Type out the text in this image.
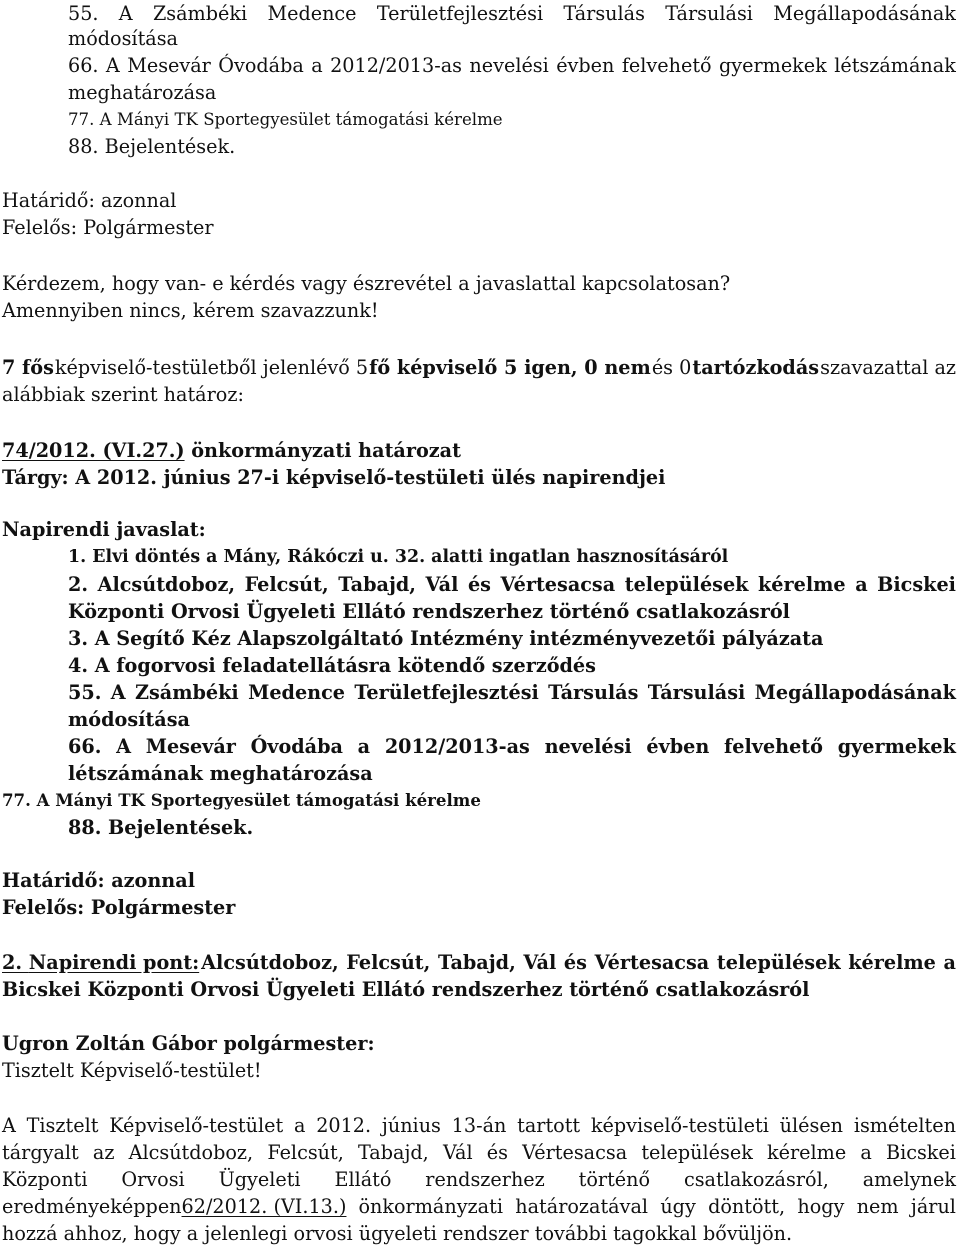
55. A Zsámbéki Medence Területfejlesztési Társulás Társulási Megállapodásának
módosítása
66. A Mesevár Óvodába a 2012/2013-as nevelési évben felvehető gyermekek létszámának
meghatározása
77. A Mányi TK Sportegyesület támogatási kérelme
88. Bejelentések.
Határidő: azonnal
Felelős: Polgármester
Kérdezem, hogy van- e kérdés vagy észrevétel a javaslattal kapcsolatosan?
Amennyiben nincs, kérem szavazzunk!
7 fős képviselő-testületből jelenlévő 5 fő képviselő 5 igen, 0 nem és 0 tartózkodás szavazattal az
alábbiak szerint határoz:
74/2012. (VI.27.) önkormányzati határozat
Tárgy: A 2012. június 27-i képviselő-testületi ülés napirendjei
Napirendi javaslat:
1. Elvi döntés a Mány, Rákóczi u. 32. alatti ingatlan hasznosításáról
2. Alcsútdoboz, Felcsút, Tabajd, Vál és Vértesacsa települések kérelme a Bicskei
Központi Orvosi Ügyeleti Ellátó rendszerhez történő csatlakozásról
3. A Segítő Kéz Alapszolgáltató Intézmény intézményvezetői pályázata
4. A fogorvosi feladatellátásra kötendő szerződés
55. A Zsámbéki Medence Területfejlesztési Társulás Társulási Megállapodásának
módosítása
66. A Mesevár Óvodába a 2012/2013-as nevelési évben felvehető gyermekek
létszámának meghatározása
77. A Mányi TK Sportegyesület támogatási kérelme
88. Bejelentések.
Határidő: azonnal
Felelős: Polgármester
2. Napirendi pont: Alcsútdoboz, Felcsút, Tabajd, Vál és Vértesacsa települések kérelme a
Bicskei Központi Orvosi Ügyeleti Ellátó rendszerhez történő csatlakozásról
Ugron Zoltán Gábor polgármester:
Tisztelt Képviselő-testület!
A Tisztelt Képviselő-testület a 2012. június 13-án tartott képviselő-testületi ülésen ismételten
tárgyalt az Alcsútdoboz, Felcsút, Tabajd, Vál és Vértesacsa települések kérelme a Bicskei
Központi Orvosi Ügyeleti Ellátó rendszerhez történő csatlakozásról, amelynek
eredményeképpen 62/2012. (VI.13.) önkormányzati határozatával úgy döntött, hogy nem járul
hozzá ahhoz, hogy a jelenlegi orvosi ügyeleti rendszer további tagokkal bővüljön.
